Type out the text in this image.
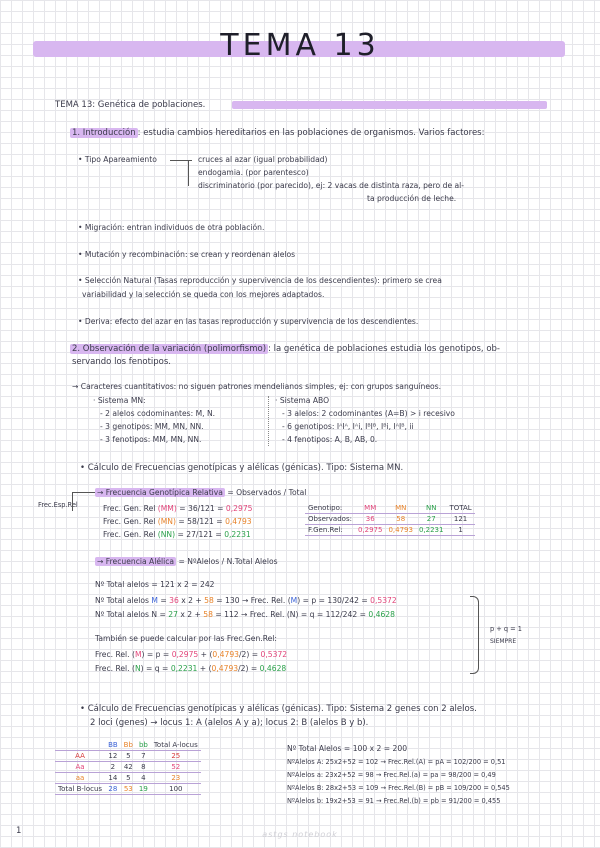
TEMA 13
TEMA 13: Genética de poblaciones.
1. Introducción : estudia cambios hereditarios en las poblaciones de organismos. Varios factores:
• Tipo Apareamiento	cruces al azar (igual probabilidad)
endogamia. (por parentesco)
discriminatorio (por parecido), ej: 2 vacas de distinta raza, pero de al-
ta producción de leche.
• Migración: entran individuos de otra población.
• Mutación y recombinación: se crean y reordenan alelos
• Selección Natural (Tasas reproducción y supervivencia de los descendientes): primero se crea
variabilidad y la selección se queda con los mejores adaptados.
• Deriva: efecto del azar en las tasas reproducción y supervivencia de los descendientes.
2. Observación de la variación (polimorfismo) : la genética de poblaciones estudia los genotipos, ob-
servando los fenotipos.
→ Caracteres cuantitativos: no siguen patrones mendelianos simples, ej: con grupos sanguíneos.
· Sistema MN:
- 2 alelos codominantes: M, N.
- 3 genotipos: MM, MN, NN.
- 3 fenotipos: MM, MN, NN.
· Sistema ABO
- 3 alelos: 2 codominantes (A=B) > i recesivo
- 6 genotipos: IᴬIᴬ, Iᴬi, IᴮIᴮ, Iᴮi, IᴬIᴮ, ii
- 4 fenotipos: A, B, AB, 0.
• Cálculo de Frecuencias genotípicas y alélicas (génicas). Tipo: Sistema MN.
Frec.Esp.Rel
→ Frecuencia Genotípica Relativa = Observados / Total
Frec. Gen. Rel (MM) = 36/121 = 0,2975
Frec. Gen. Rel (MN) = 58/121 = 0,4793
Frec. Gen. Rel (NN) = 27/121 = 0,2231
Genotipo:	MM	MN	NN	TOTAL
Observados:	36	58	27	121
F.Gen.Rel:	0,2975	0,4793	0,2231	1
→ Frecuencia Alélica = NºAlelos / N.Total Alelos
Nº Total alelos = 121 x 2 = 242
Nº Total alelos M = 36 x 2 + 58 = 130 → Frec. Rel. (M) = p = 130/242 = 0,5372
Nº Total alelos N = 27 x 2 + 58 = 112 → Frec. Rel. (N) = q = 112/242 = 0,4628
p + q = 1
SIEMPRE
También se puede calcular por las Frec.Gen.Rel:
Frec. Rel. (M) = p = 0,2975 + (0,4793/2) = 0,5372
Frec. Rel. (N) = q = 0,2231 + (0,4793/2) = 0,4628
• Cálculo de Frecuencias genotípicas y alélicas (génicas). Tipo: Sistema 2 genes con 2 alelos.
2 loci (genes) → locus 1: A (alelos A y a); locus 2: B (alelos B y b).
	BB	Bb	bb	Total A-locus
AA	12	5	7	25
Aa	2	42	8	52
aa	14	5	4	23
Total B-locus	28	53	19	100
Nº Total Alelos = 100 x 2 = 200
NºAlelos A: 25x2+52 = 102 → Frec.Rel.(A) = pA = 102/200 = 0,51
NºAlelos a: 23x2+52 = 98 → Frec.Rel.(a) = pa = 98/200 = 0,49
NºAlelos B: 28x2+53 = 109 → Frec.Rel.(B) = pB = 109/200 = 0,545
NºAlelos b: 19x2+53 = 91 → Frec.Rel.(b) = pb = 91/200 = 0,455
1	astgs notebook
